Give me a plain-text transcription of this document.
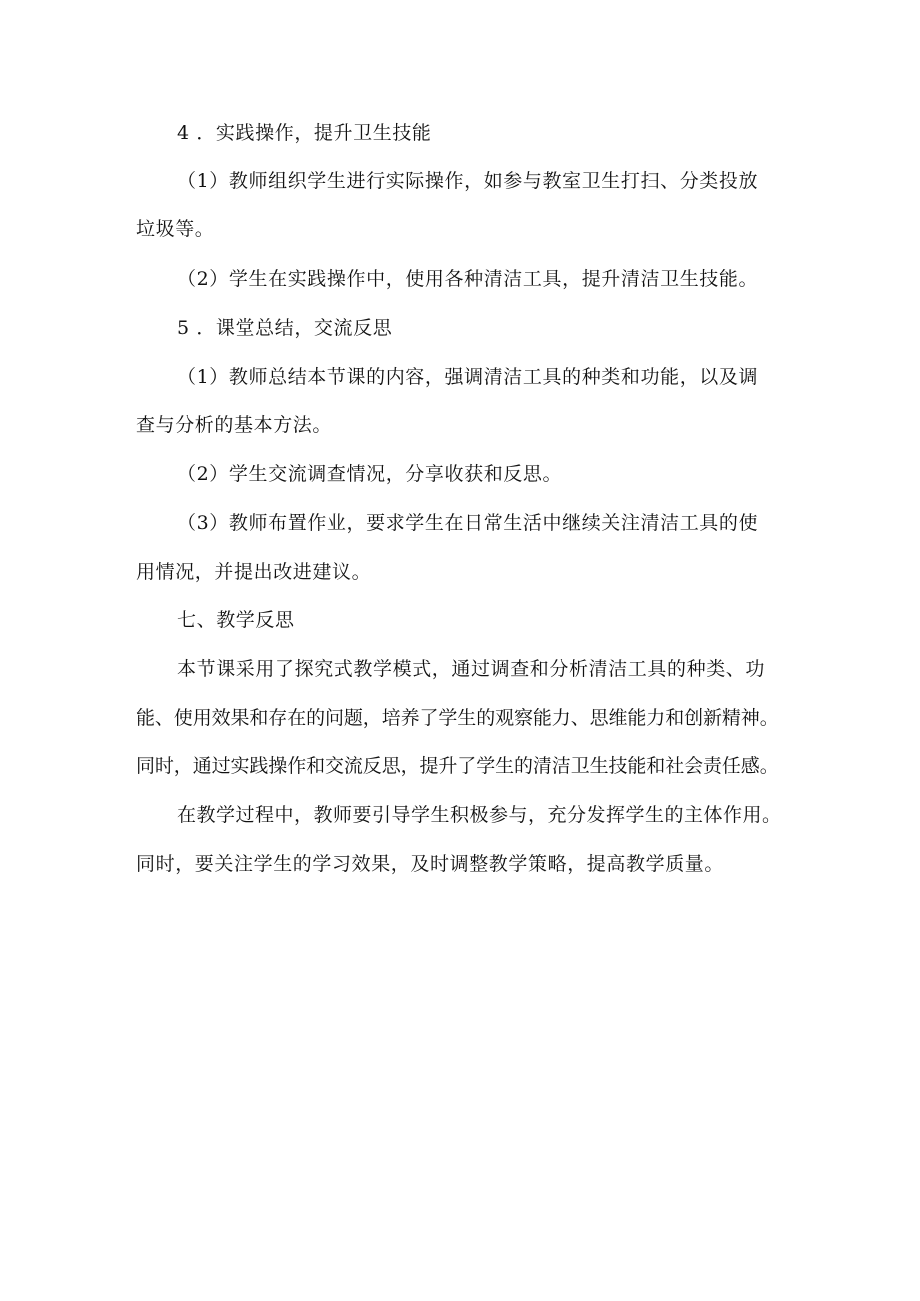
4 ．实践操作，提升卫生技能
（1）教师组织学生进行实际操作，如参与教室卫生打扫、分类投放
垃圾等。
（2）学生在实践操作中，使用各种清洁工具，提升清洁卫生技能。
5 ．课堂总结，交流反思
（1）教师总结本节课的内容，强调清洁工具的种类和功能，以及调
查与分析的基本方法。
（2）学生交流调查情况，分享收获和反思。
（3）教师布置作业，要求学生在日常生活中继续关注清洁工具的使
用情况，并提出改进建议。
七、教学反思
本节课采用了探究式教学模式，通过调查和分析清洁工具的种类、功
能、使用效果和存在的问题，培养了学生的观察能力、思维能力和创新精神。
同时，通过实践操作和交流反思，提升了学生的清洁卫生技能和社会责任感。
在教学过程中，教师要引导学生积极参与，充分发挥学生的主体作用。
同时，要关注学生的学习效果，及时调整教学策略，提高教学质量。
